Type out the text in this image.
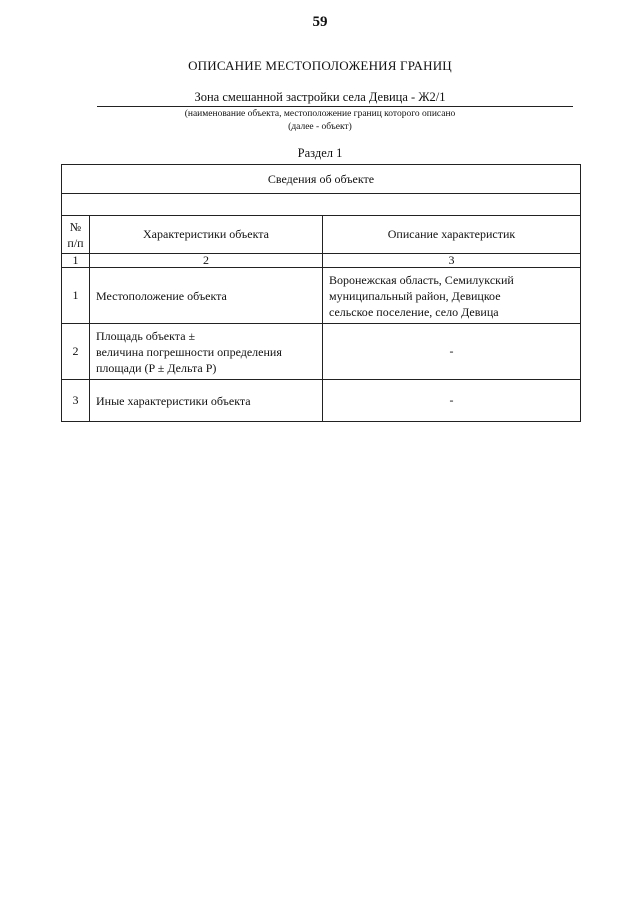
59
ОПИСАНИЕ МЕСТОПОЛОЖЕНИЯ ГРАНИЦ
Зона смешанной застройки села Девица - Ж2/1
(наименование объекта, местоположение границ которого описано
(далее - объект)
Раздел 1
Сведения об объекте		

№
п/п	Характеристики объекта	Описание характеристик
1	2	3
1	Местоположение объекта	Воронежская область, Семилукский
муниципальный район, Девицкое
сельское поселение, село Девица

2	Площадь объекта ±
величина погрешности определения
площади (P ± Дельта P)	-

3	Иные характеристики объекта	-
